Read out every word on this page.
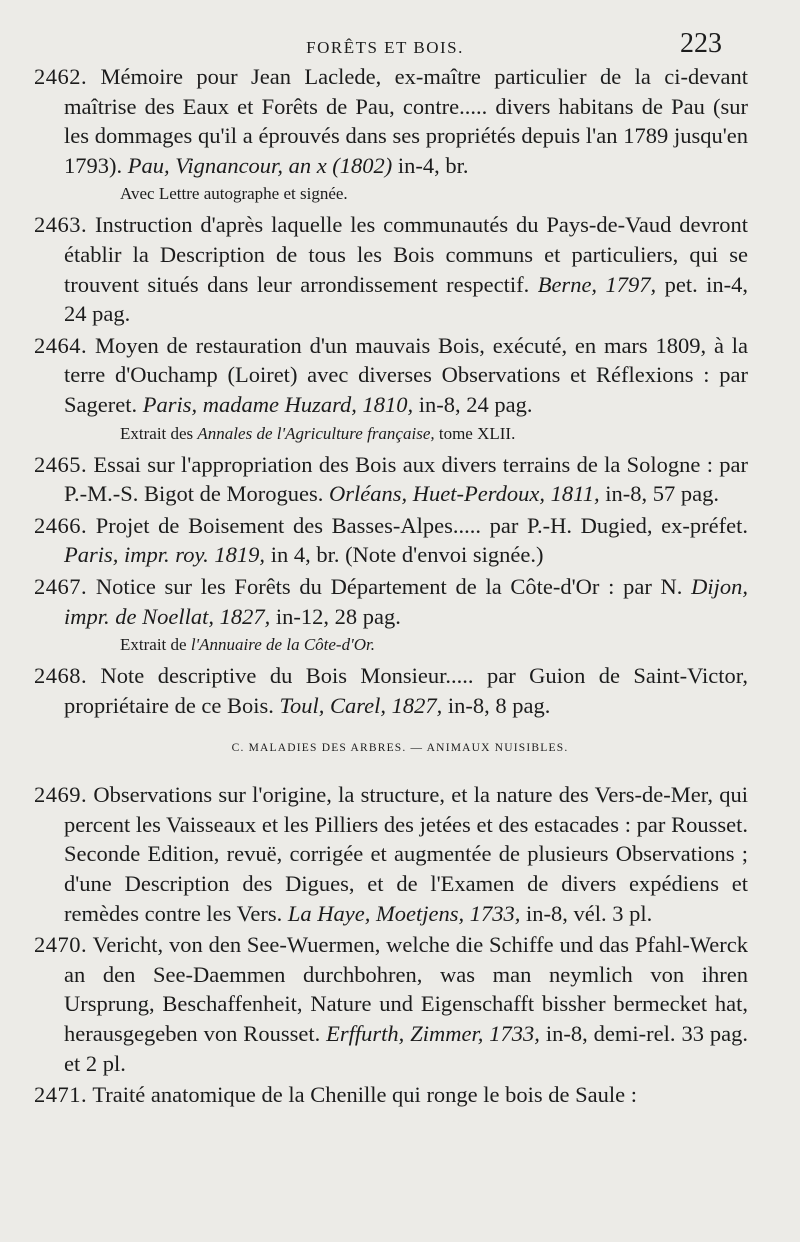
FORÊTS ET BOIS.	223
2462. Mémoire pour Jean Laclede, ex-maître particulier de la ci-devant maîtrise des Eaux et Forêts de Pau, contre..... divers habitans de Pau (sur les dommages qu'il a éprouvés dans ses propriétés depuis l'an 1789 jusqu'en 1793). Pau, Vignancour, an x (1802) in-4, br.
Avec Lettre autographe et signée.
2463. Instruction d'après laquelle les communautés du Pays-de-Vaud devront établir la Description de tous les Bois communs et particuliers, qui se trouvent situés dans leur arrondissement respectif. Berne, 1797, pet. in-4, 24 pag.
2464. Moyen de restauration d'un mauvais Bois, exécuté, en mars 1809, à la terre d'Ouchamp (Loiret) avec diverses Observations et Réflexions : par Sageret. Paris, madame Huzard, 1810, in-8, 24 pag.
Extrait des Annales de l'Agriculture française, tome XLII.
2465. Essai sur l'appropriation des Bois aux divers terrains de la Sologne : par P.-M.-S. Bigot de Morogues. Orléans, Huet-Perdoux, 1811, in-8, 57 pag.
2466. Projet de Boisement des Basses-Alpes..... par P.-H. Dugied, ex-préfet. Paris, impr. roy. 1819, in 4, br. (Note d'envoi signée.)
2467. Notice sur les Forêts du Département de la Côte-d'Or : par N. Dijon, impr. de Noellat, 1827, in-12, 28 pag.
Extrait de l'Annuaire de la Côte-d'Or.
2468. Note descriptive du Bois Monsieur..... par Guion de Saint-Victor, propriétaire de ce Bois. Toul, Carel, 1827, in-8, 8 pag.
C. MALADIES DES ARBRES. — ANIMAUX NUISIBLES.
2469. Observations sur l'origine, la structure, et la nature des Vers-de-Mer, qui percent les Vaisseaux et les Pilliers des jetées et des estacades : par Rousset. Seconde Edition, revuë, corrigée et augmentée de plusieurs Observations ; d'une Description des Digues, et de l'Examen de divers expédiens et remèdes contre les Vers. La Haye, Moetjens, 1733, in-8, vél. 3 pl.
2470. Vericht, von den See-Wuermen, welche die Schiffe und das Pfahl-Werck an den See-Daemmen durchbohren, was man neymlich von ihren Ursprung, Beschaffenheit, Nature und Eigenschafft bissher bermecket hat, herausgegeben von Rousset. Erffurth, Zimmer, 1733, in-8, demi-rel. 33 pag. et 2 pl.
2471. Traité anatomique de la Chenille qui ronge le bois de Saule :
